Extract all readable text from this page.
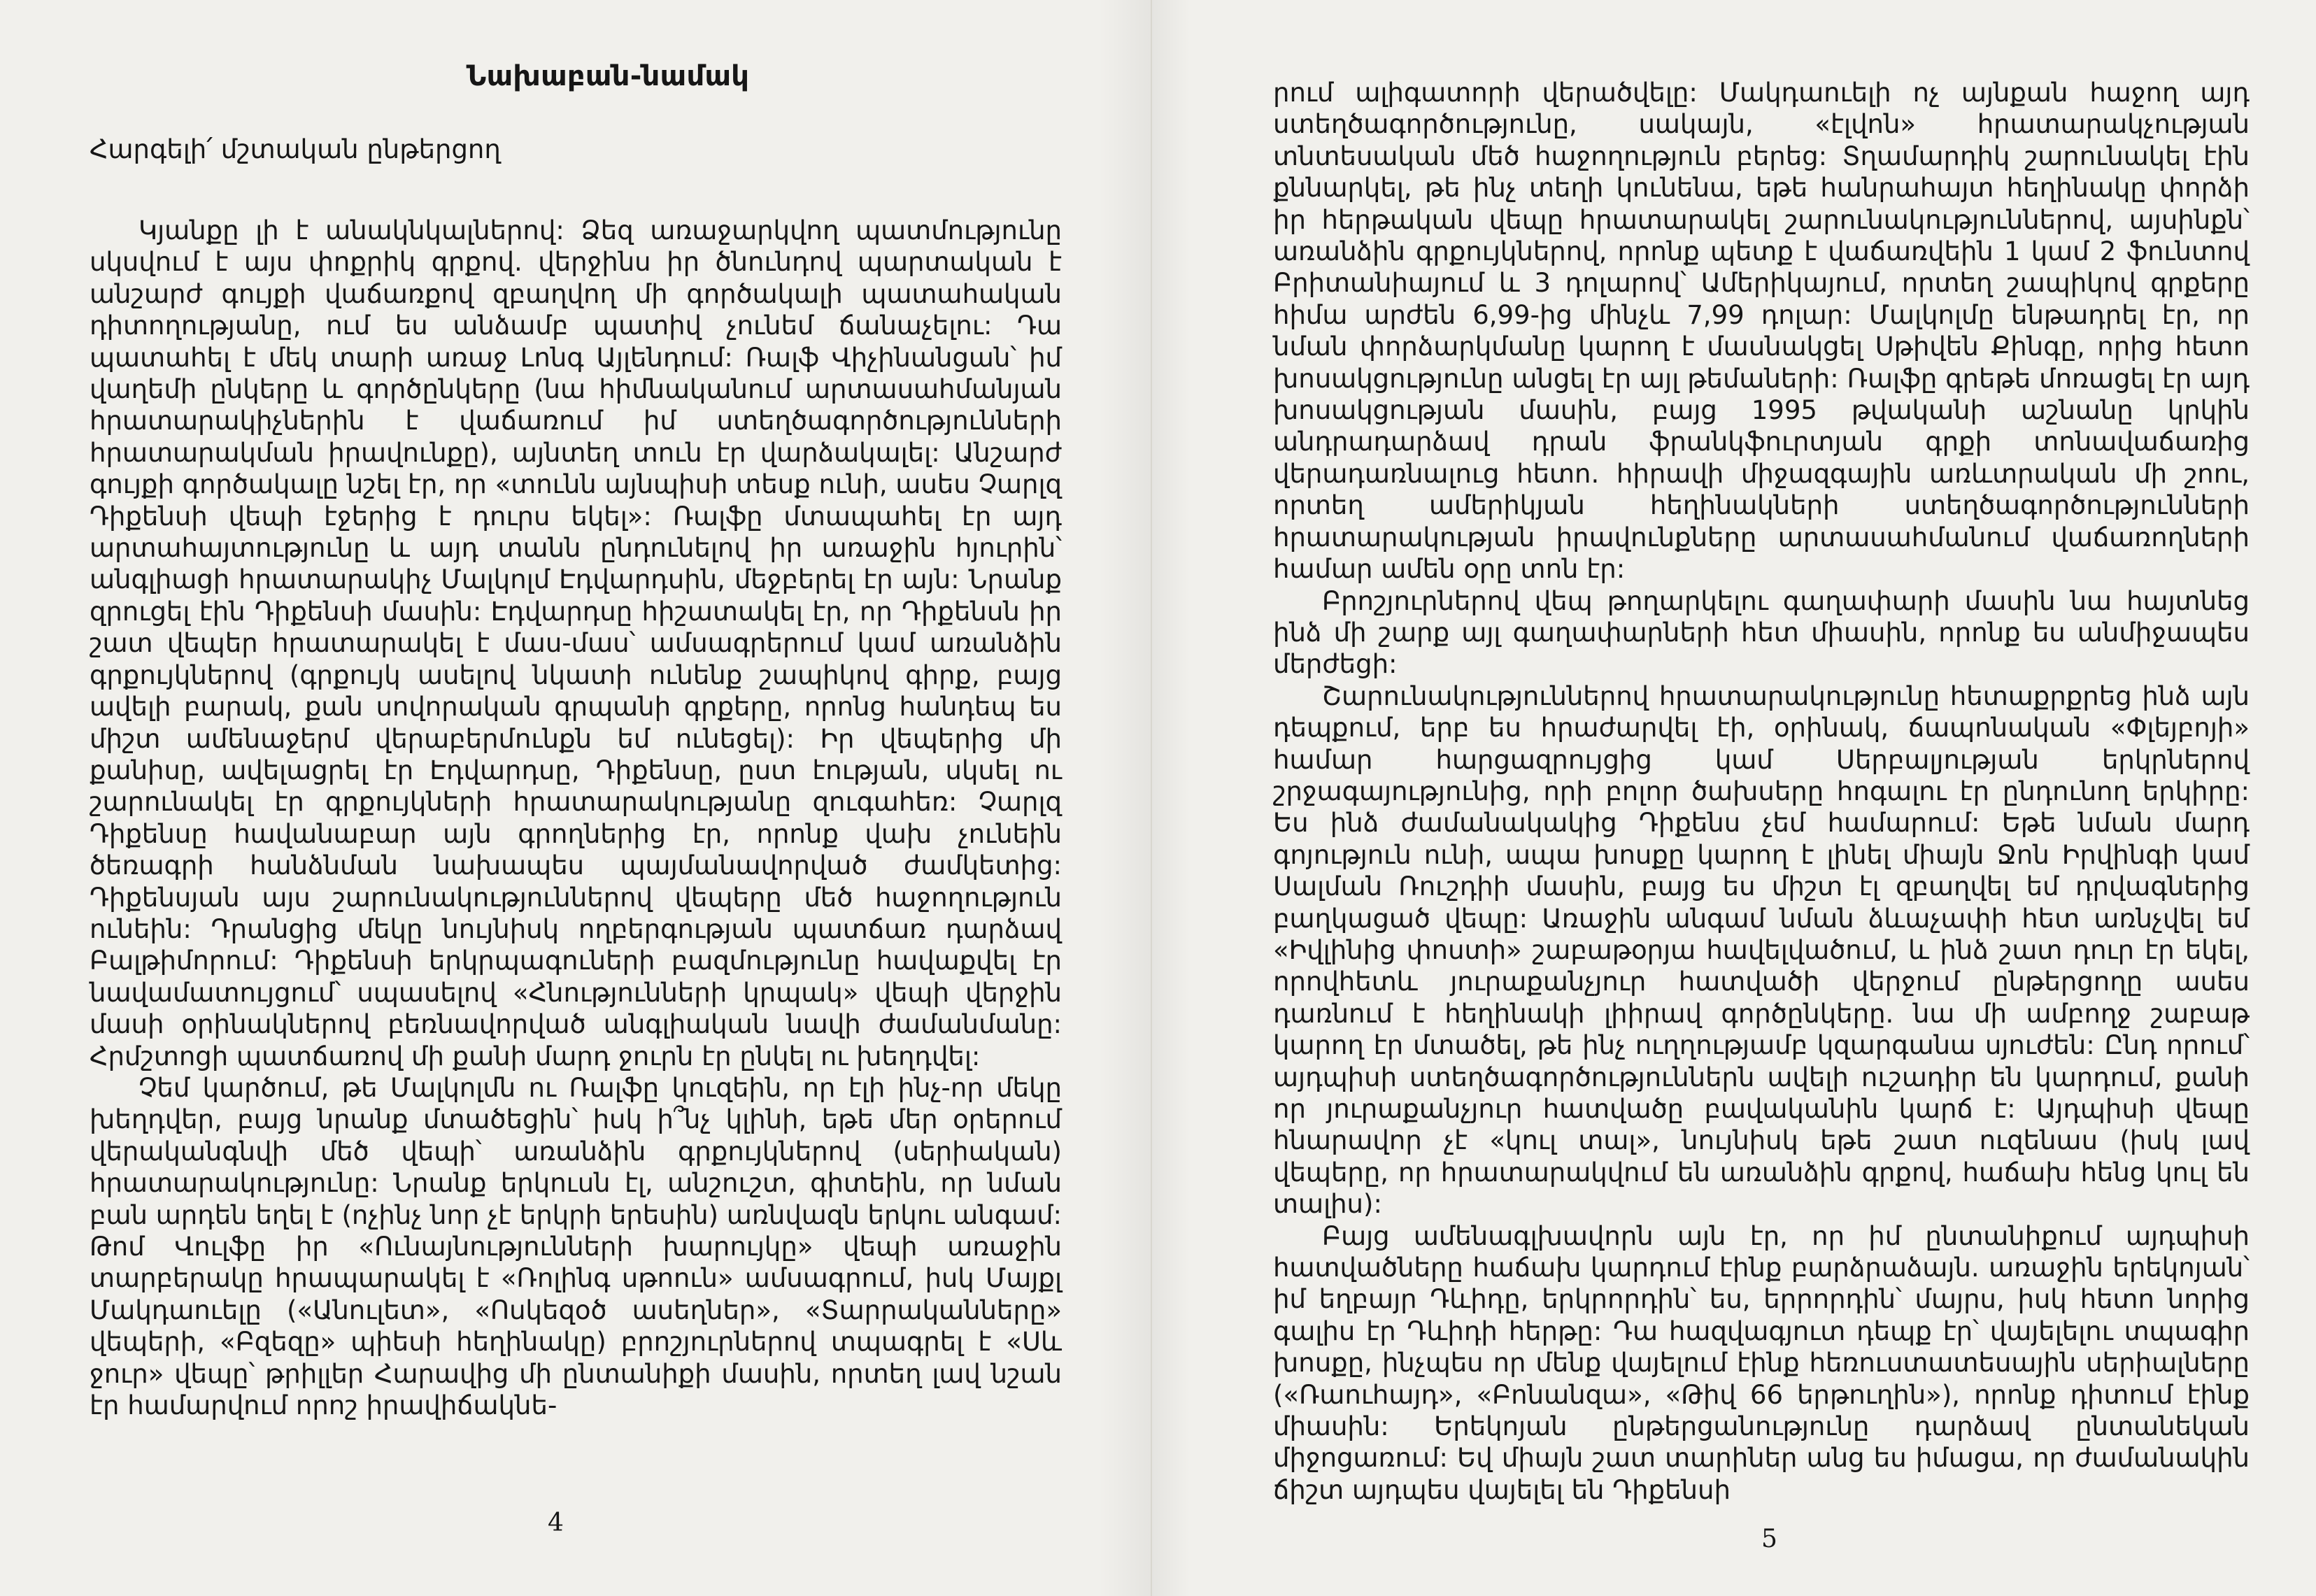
Նախաբան-նամակ
Հարգելի՛ մշտական ընթերցող

Կյանքը լի է անակնկալներով: Ձեզ առաջարկվող պատմությունը սկսվում է այս փոքրիկ գրքով. վերջինս իր ծնունդով պարտական է անշարժ գույքի վաճառքով զբաղվող մի գործակալի պատահական դիտողությանը, ում ես անձամբ պատիվ չունեմ ճանաչելու: Դա պատահել է մեկ տարի առաջ Լոնգ Այլենդում: Ռալֆ Վիչինանցան՝ իմ վաղեմի ընկերը և գործընկերը (նա հիմնականում արտասահմանյան հրատարակիչներին է վաճառում իմ ստեղծագործությունների հրատարակման իրավունքը), այնտեղ տուն էր վարձակալել: Անշարժ գույքի գործակալը նշել էր, որ «տունն այնպիսի տեսք ունի, ասես Չարլզ Դիքենսի վեպի էջերից է դուրս եկել»: Ռալֆը մտապահել էր այդ արտահայտությունը և այդ տանն ընդունելով իր առաջին հյուրին՝ անգլիացի հրատարակիչ Մալկոլմ Էդվարդսին, մեջբերել էր այն: Նրանք զրուցել էին Դիքենսի մասին: Էդվարդսը հիշատակել էր, որ Դիքենսն իր շատ վեպեր հրատարակել է մաս-մաս՝ ամսագրերում կամ առանձին գրքույկներով (գրքույկ ասելով նկատի ունենք շապիկով գիրք, բայց ավելի բարակ, քան սովորական գրպանի գրքերը, որոնց հանդեպ ես միշտ ամենաջերմ վերաբերմունքն եմ ունեցել): Իր վեպերից մի քանիսը, ավելացրել էր Էդվարդսը, Դիքենսը, ըստ էության, սկսել ու շարունակել էր գրքույկների հրատարակությանը զուգահեռ: Չարլզ Դիքենսը հավանաբար այն գրողներից էր, որոնք վախ չունեին ծեռագրի հանձնման նախապես պայմանավորված ժամկետից: Դիքենսյան այս շարունակություններով վեպերը մեծ հաջողություն ունեին: Դրանցից մեկը նույնիսկ ողբերգության պատճառ դարձավ Բալթիմորում: Դիքենսի երկրպագուների բազմությունը հավաքվել էր նավամատույցում՝ սպասելով «Հնությունների կրպակ» վեպի վերջին մասի օրինակներով բեռնավորված անգլիական նավի ժամանմանը: Հրմշտոցի պատճառով մի քանի մարդ ջուրն էր ընկել ու խեղդվել:

Չեմ կարծում, թե Մալկոլմն ու Ռալֆը կուզեին, որ էլի ինչ-որ մեկը խեղդվեր, բայց նրանք մտածեցին՝ իսկ ի՞նչ կլինի, եթե մեր օրերում վերականգնվի մեծ վեպի՝ առանձին գրքույկներով (սերիական) հրատարակությունը: Նրանք երկուսն էլ, անշուշտ, գիտեին, որ նման բան արդեն եղել է (ոչինչ նոր չէ երկրի երեսին) առնվազն երկու անգամ: Թոմ Վուլֆը իր «Ունայնությունների խարույկը» վեպի առաջին տարբերակը հրապարակել է «Ռոլինգ սթոուն» ամսագրում, իսկ Մայքլ Մակդաուելը («Անուլետ», «Ոսկեզօծ ասեղներ», «Տարրականները» վեպերի, «Բզեզը» պիեսի հեղինակը) բրոշյուրներով տպագրել է «Սև ջուր» վեպը՝ թրիլլեր Հարավից մի ընտանիքի մասին, որտեղ լավ նշան էր համարվում որոշ իրավիճակնե-

4

րում ալիգատորի վերածվելը: Մակդաուելի ոչ այնքան հաջող այդ ստեղծագործությունը, սակայն, «էլվոն» հրատարակչության տնտեսական մեծ հաջողություն բերեց: Տղամարդիկ շարունակել էին քննարկել, թե ինչ տեղի կունենա, եթե հանրահայտ հեղինակը փորձի իր հերթական վեպը հրատարակել շարունակություններով, այսինքն՝ առանձին գրքույկներով, որոնք պետք է վաճառվեին 1 կամ 2 ֆունտով Բրիտանիայում և 3 դոլարով՝ Ամերիկայում, որտեղ շապիկով գրքերը հիմա արժեն 6,99-ից մինչև 7,99 դոլար: Մալկոլմը ենթադրել էր, որ նման փորձարկմանը կարող է մասնակցել Սթիվեն Քինգը, որից հետո խոսակցությունը անցել էր այլ թեմաների: Ռալֆը գրեթե մոռացել էր այդ խոսակցության մասին, բայց 1995 թվականի աշնանը կրկին անդրադարձավ դրան ֆրանկֆուրտյան գրքի տոնավաճառից վերադառնալուց հետո. հիրավի միջազգային առևտրական մի շոու, որտեղ ամերիկյան հեղինակների ստեղծագործությունների հրատարակության իրավունքները արտասահմանում վաճառողների համար ամեն օրը տոն էր:

Բրոշյուրներով վեպ թողարկելու գաղափարի մասին նա հայտնեց ինձ մի շարք այլ գաղափարների հետ միասին, որոնք ես անմիջապես մերժեցի:

Շարունակություններով հրատարակությունը հետաքրքրեց ինձ այն դեպքում, երբ ես հրաժարվել էի, օրինակ, ճապոնական «Փլեյբոյի» համար հարցազրույցից կամ Սերբալյության երկրներով շրջագայությունից, որի բոլոր ծախսերը հոգալու էր ընդունող երկիրը: Ես ինձ ժամանակակից Դիքենս չեմ համարում: Եթե նման մարդ գոյություն ունի, ապա խոսքը կարող է լինել միայն Ջոն Իրվինգի կամ Սալման Ռուշդիի մասին, բայց ես միշտ էլ զբաղվել եմ դրվագներից բաղկացած վեպը: Առաջին անգամ նման ձևաչափի հետ առնչվել եմ «Իվլինից փոստի» շաբաթօրյա հավելվածում, և ինձ շատ դուր էր եկել, որովհետև յուրաքանչյուր հատվածի վերջում ընթերցողը ասես դառնում է հեղինակի լիիրավ գործընկերը. նա մի ամբողջ շաբաթ կարող էր մտածել, թե ինչ ուղղությամբ կզարգանա սյուժեն: Ընդ որում՝ այդպիսի ստեղծագործություններն ավելի ուշադիր են կարդում, քանի որ յուրաքանչյուր հատվածը բավականին կարճ է: Այդպիսի վեպը հնարավոր չէ «կուլ տալ», նույնիսկ եթե շատ ուզենաս (իսկ լավ վեպերը, որ հրատարակվում են առանձին գրքով, հաճախ հենց կուլ են տալիս):

Բայց ամենագլխավորն այն էր, որ իմ ընտանիքում այդպիսի հատվածները հաճախ կարդում էինք բարձրաձայն. առաջին երեկոյան՝ իմ եղբայր Դևիդը, երկրորդին՝ ես, երրորդին՝ մայրս, իսկ հետո նորից գալիս էր Դևիդի հերթը: Դա հազվագյուտ դեպք էր՝ վայելելու տպագիր խոսքը, ինչպես որ մենք վայելում էինք հեռուստատեսային սերիալները («Ռաուհայդ», «Բոնանզա», «Թիվ 66 երթուղին»), որոնք դիտում էինք միասին: Երեկոյան ընթերցանությունը դարձավ ընտանեկան միջոցառում: Եվ միայն շատ տարիներ անց ես իմացա, որ ժամանակին ճիշտ այդպես վայելել են Դիքենսի

5
